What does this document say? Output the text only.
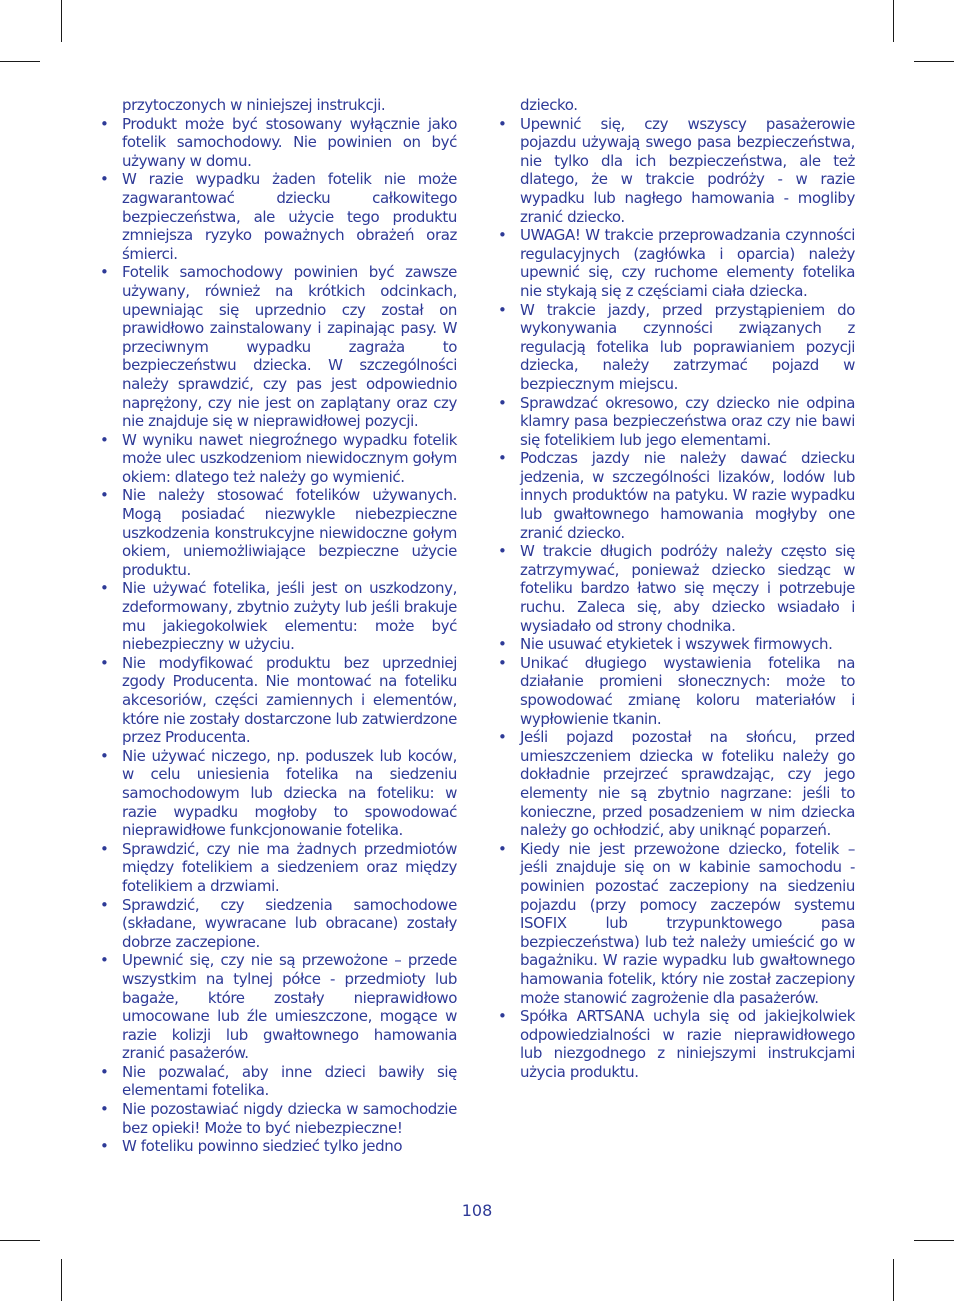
przytoczonych w niniejszej instrukcji.
• Produkt może być stosowany wyłącznie jako fotelik samochodowy. Nie powinien on być używany w domu.
• W razie wypadku żaden fotelik nie może zagwarantować dziecku całkowitego bezpieczeństwa, ale użycie tego produktu zmniejsza ryzyko poważnych obrażeń oraz śmierci.
• Fotelik samochodowy powinien być zawsze używany, również na krótkich odcinkach, upewniając się uprzednio czy został on prawidłowo zainstalowany i zapinając pasy. W przeciwnym wypadku zagraża to bezpieczeństwu dziecka. W szczególności należy sprawdzić, czy pas jest odpowiednio naprężony, czy nie jest on zaplątany oraz czy nie znajduje się w nieprawidłowej pozycji.
• W wyniku nawet niegroźnego wypadku fotelik może ulec uszkodzeniom niewidocznym gołym okiem: dlatego też należy go wymienić.
• Nie należy stosować fotelików używanych. Mogą posiadać niezwykle niebezpieczne uszkodzenia konstrukcyjne niewidoczne gołym okiem, uniemożliwiające bezpieczne użycie produktu.
• Nie używać fotelika, jeśli jest on uszkodzony, zdeformowany, zbytnio zużyty lub jeśli brakuje mu jakiegokolwiek elementu: może być niebezpieczny w użyciu.
• Nie modyfikować produktu bez uprzedniej zgody Producenta. Nie montować na foteliku akcesoriów, części zamiennych i elementów, które nie zostały dostarczone lub zatwierdzone przez Producenta.
• Nie używać niczego, np. poduszek lub koców, w celu uniesienia fotelika na siedzeniu samochodowym lub dziecka na foteliku: w razie wypadku mogłoby to spowodować nieprawidłowe funkcjonowanie fotelika.
• Sprawdzić, czy nie ma żadnych przedmiotów między fotelikiem a siedzeniem oraz między fotelikiem a drzwiami.
• Sprawdzić, czy siedzenia samochodowe (składane, wywracane lub obracane) zostały dobrze zaczepione.
• Upewnić się, czy nie są przewożone – przede wszystkim na tylnej półce - przedmioty lub bagaże, które zostały nieprawidłowo umocowane lub źle umieszczone, mogące w razie kolizji lub gwałtownego hamowania zranić pasażerów.
• Nie pozwalać, aby inne dzieci bawiły się elementami fotelika.
• Nie pozostawiać nigdy dziecka w samochodzie bez opieki! Może to być niebezpieczne!
• W foteliku powinno siedzieć tylko jedno
dziecko.
• Upewnić się, czy wszyscy pasażerowie pojazdu używają swego pasa bezpieczeństwa, nie tylko dla ich bezpieczeństwa, ale też dlatego, że w trakcie podróży - w razie wypadku lub nagłego hamowania - mogliby zranić dziecko.
• UWAGA! W trakcie przeprowadzania czynności regulacyjnych (zagłówka i oparcia) należy upewnić się, czy ruchome elementy fotelika nie stykają się z częściami ciała dziecka.
• W trakcie jazdy, przed przystąpieniem do wykonywania czynności związanych z regulacją fotelika lub poprawianiem pozycji dziecka, należy zatrzymać pojazd w bezpiecznym miejscu.
• Sprawdzać okresowo, czy dziecko nie odpina klamry pasa bezpieczeństwa oraz czy nie bawi się fotelikiem lub jego elementami.
• Podczas jazdy nie należy dawać dziecku jedzenia, w szczególności lizaków, lodów lub innych produktów na patyku. W razie wypadku lub gwałtownego hamowania mogłyby one zranić dziecko.
• W trakcie długich podróży należy często się zatrzymywać, ponieważ dziecko siedząc w foteliku bardzo łatwo się męczy i potrzebuje ruchu. Zaleca się, aby dziecko wsiadało i wysiadało od strony chodnika.
• Nie usuwać etykietek i wszywek firmowych.
• Unikać długiego wystawienia fotelika na działanie promieni słonecznych: może to spowodować zmianę koloru materiałów i wypłowienie tkanin.
• Jeśli pojazd pozostał na słońcu, przed umieszczeniem dziecka w foteliku należy go dokładnie przejrzeć sprawdzając, czy jego elementy nie są zbytnio nagrzane: jeśli to konieczne, przed posadzeniem w nim dziecka należy go ochłodzić, aby uniknąć poparzeń.
• Kiedy nie jest przewożone dziecko, fotelik – jeśli znajduje się on w kabinie samochodu - powinien pozostać zaczepiony na siedzeniu pojazdu (przy pomocy zaczepów systemu ISOFIX lub trzypunktowego pasa bezpieczeństwa) lub też należy umieścić go w bagażniku. W razie wypadku lub gwałtownego hamowania fotelik, który nie został zaczepiony może stanowić zagrożenie dla pasażerów.
• Spółka ARTSANA uchyla się od jakiejkolwiek odpowiedzialności w razie nieprawidłowego lub niezgodnego z niniejszymi instrukcjami użycia produktu.
108
